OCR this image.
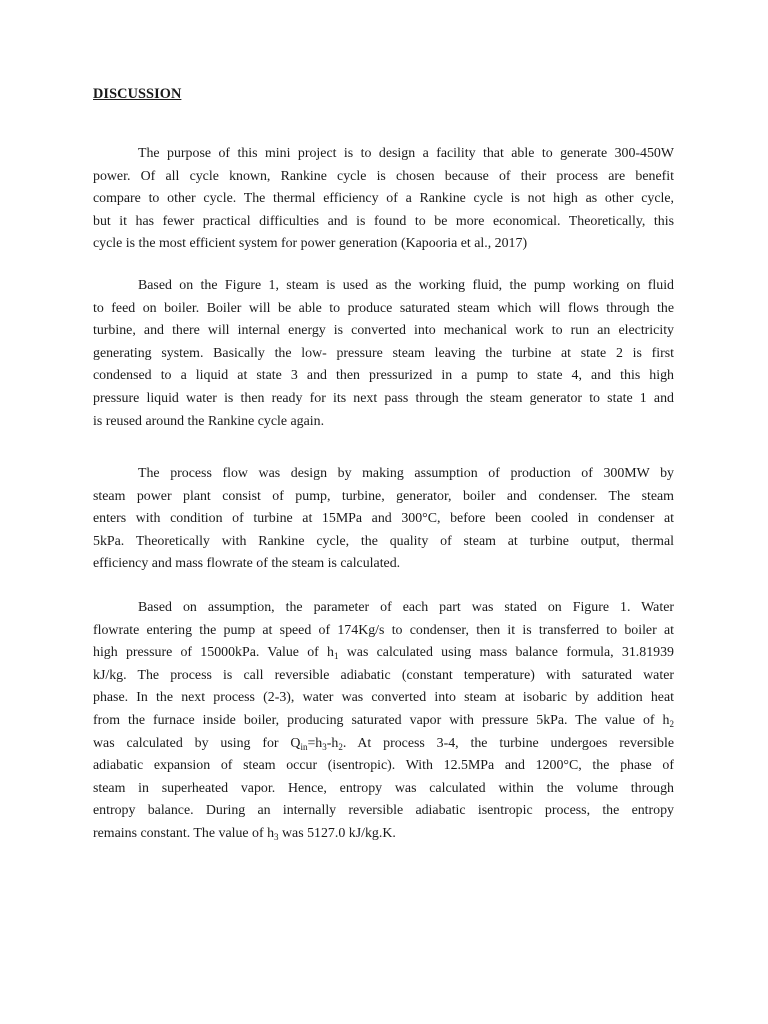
DISCUSSION
The purpose of this mini project is to design a facility that able to generate 300-450W
power. Of all cycle known, Rankine cycle is chosen because of their process are benefit
compare to other cycle. The thermal efficiency of a Rankine cycle is not high as other cycle,
but it has fewer practical difficulties and is found to be more economical. Theoretically, this
cycle is the most efficient system for power generation (Kapooria et al., 2017)
Based on the Figure 1, steam is used as the working fluid, the pump working on fluid
to feed on boiler. Boiler will be able to produce saturated steam which will flows through the
turbine, and there will internal energy is converted into mechanical work to run an electricity
generating system. Basically the low- pressure steam leaving the turbine at state 2 is first
condensed to a liquid at state 3 and then pressurized in a pump to state 4, and this high
pressure liquid water is then ready for its next pass through the steam generator to state 1 and
is reused around the Rankine cycle again.
The process flow was design by making assumption of production of 300MW by
steam power plant consist of pump, turbine, generator, boiler and condenser. The steam
enters with condition of turbine at 15MPa and 300°C, before been cooled in condenser at
5kPa. Theoretically with Rankine cycle, the quality of steam at turbine output, thermal
efficiency and mass flowrate of the steam is calculated.
Based on assumption, the parameter of each part was stated on Figure 1. Water
flowrate entering the pump at speed of 174Kg/s to condenser, then it is transferred to boiler at
high pressure of 15000kPa. Value of $h_1$ was calculated using mass balance formula, 31.81939
kJ/kg. The process is call reversible adiabatic (constant temperature) with saturated water
phase. In the next process (2-3), water was converted into steam at isobaric by addition heat
from the furnace inside boiler, producing saturated vapor with pressure 5kPa. The value of $h_2$
was calculated by using for $Q_{in}=h_3-h_2$. At process 3-4, the turbine undergoes reversible
adiabatic expansion of steam occur (isentropic). With 12.5MPa and 1200°C, the phase of
steam in superheated vapor. Hence, entropy was calculated within the volume through
entropy balance. During an internally reversible adiabatic isentropic process, the entropy
remains constant. The value of $h_3$ was 5127.0 kJ/kg.K.
